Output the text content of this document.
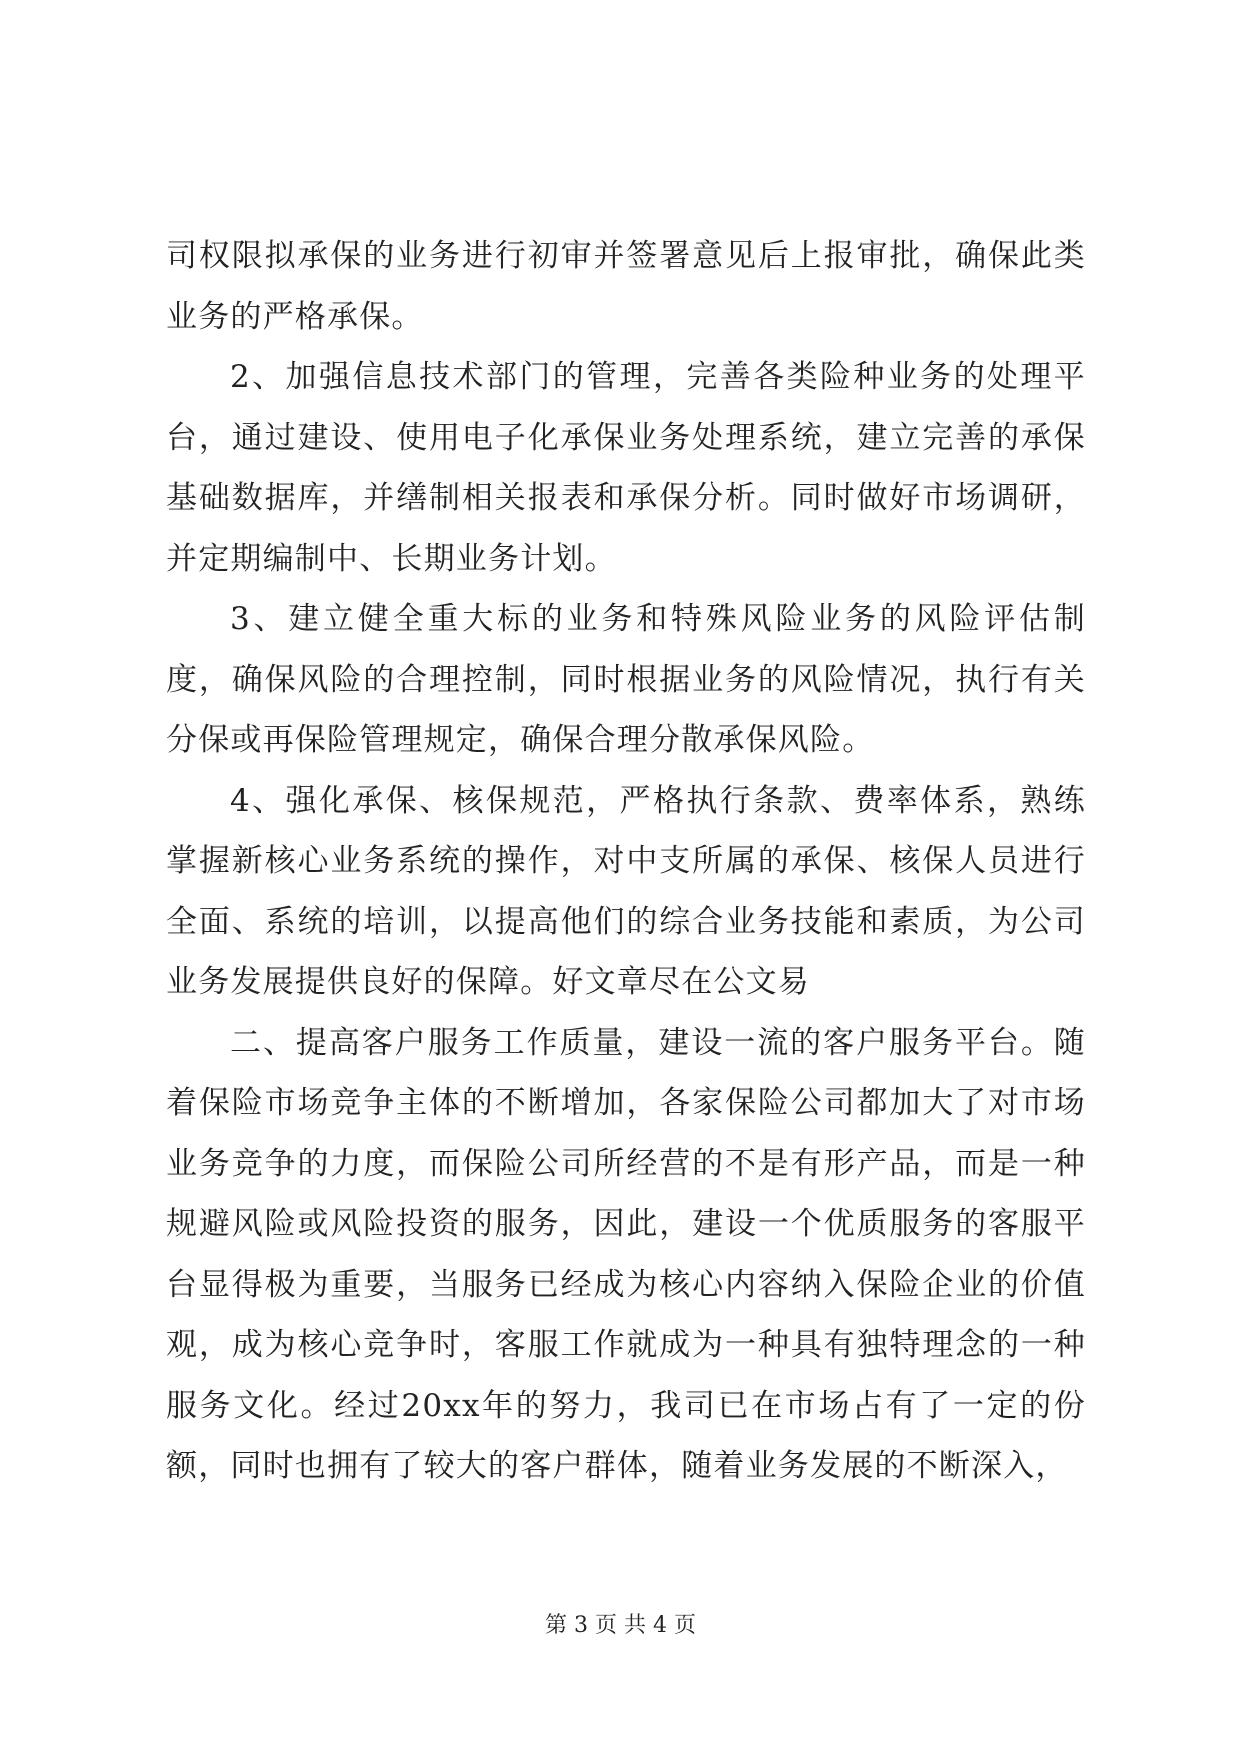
司权限拟承保的业务进行初审并签署意见后上报审批，确保此类业务的严格承保。

2、加强信息技术部门的管理，完善各类险种业务的处理平台，通过建设、使用电子化承保业务处理系统，建立完善的承保基础数据库，并缮制相关报表和承保分析。同时做好市场调研，并定期编制中、长期业务计划。

3、建立健全重大标的业务和特殊风险业务的风险评估制度，确保风险的合理控制，同时根据业务的风险情况，执行有关分保或再保险管理规定，确保合理分散承保风险。

4、强化承保、核保规范，严格执行条款、费率体系，熟练掌握新核心业务系统的操作，对中支所属的承保、核保人员进行全面、系统的培训，以提高他们的综合业务技能和素质，为公司业务发展提供良好的保障。好文章尽在公文易

二、提高客户服务工作质量，建设一流的客户服务平台。随着保险市场竞争主体的不断增加，各家保险公司都加大了对市场业务竞争的力度，而保险公司所经营的不是有形产品，而是一种规避风险或风险投资的服务，因此，建设一个优质服务的客服平台显得极为重要，当服务已经成为核心内容纳入保险企业的价值观，成为核心竞争时，客服工作就成为一种具有独特理念的一种服务文化。经过20xx年的努力，我司已在市场占有了一定的份额，同时也拥有了较大的客户群体，随着业务发展的不断深入，

第 3 页 共 4 页
